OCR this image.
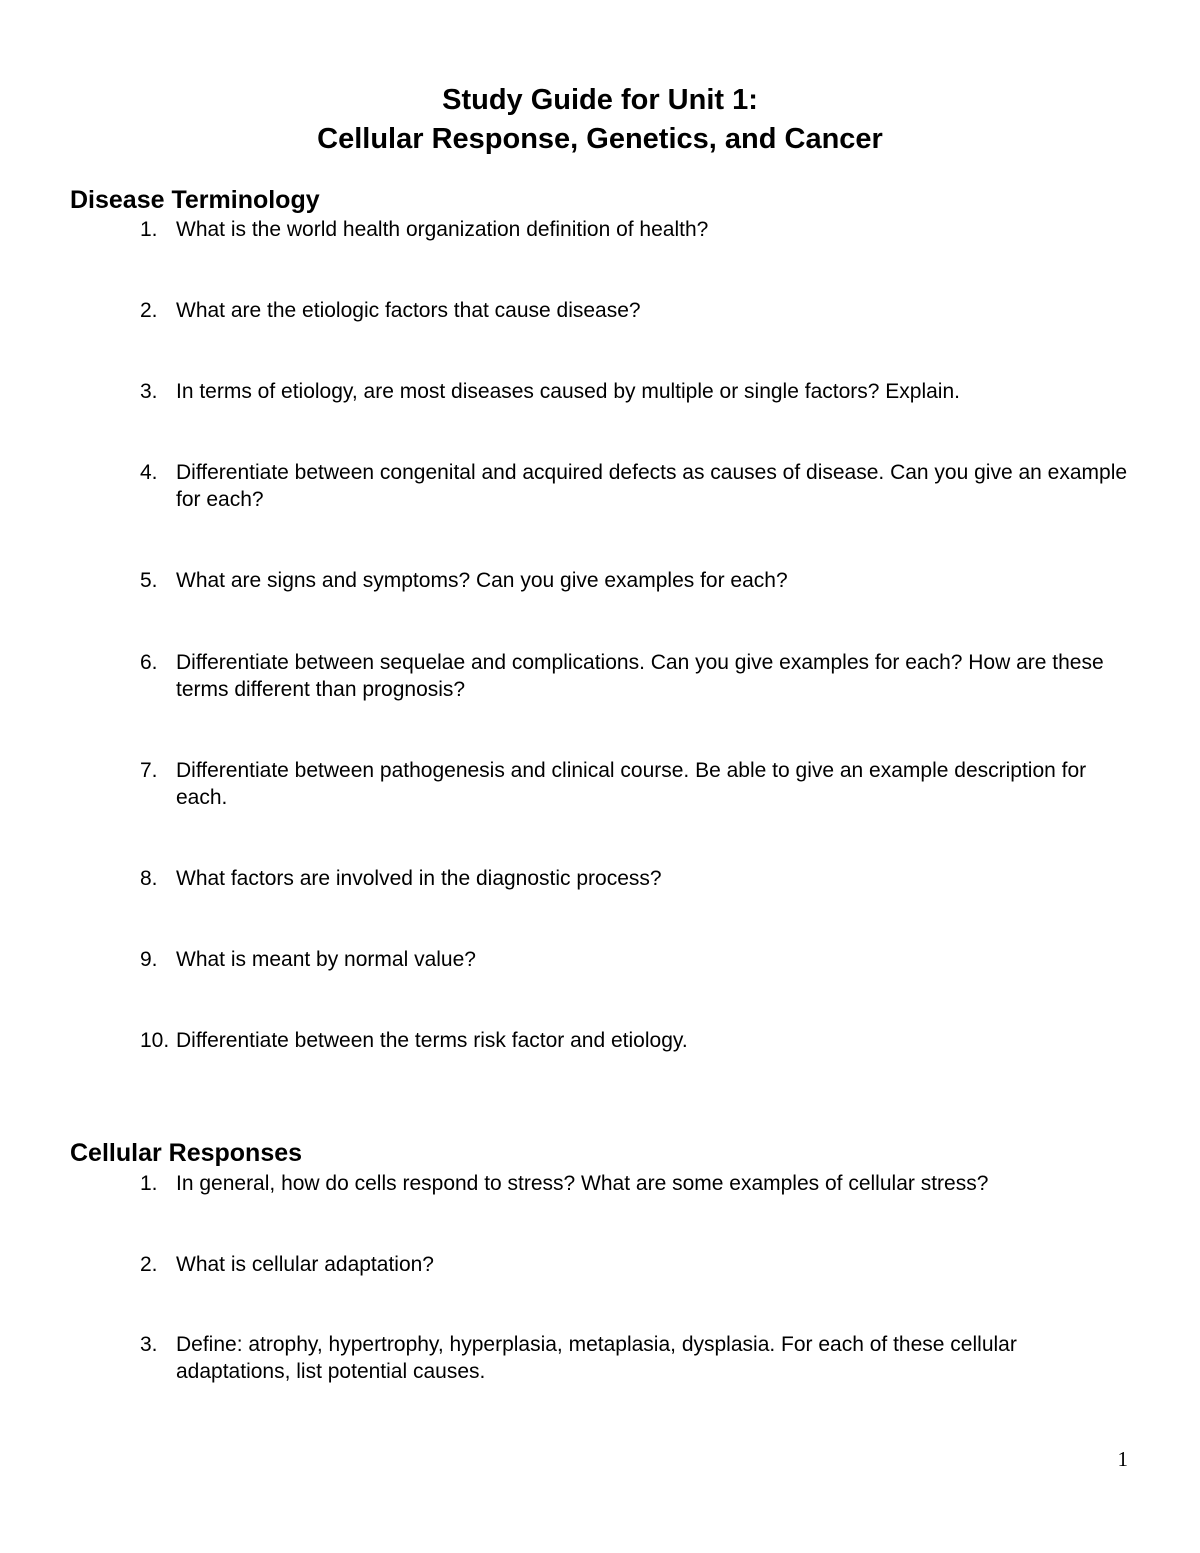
Study Guide for Unit 1:
Cellular Response, Genetics, and Cancer
Disease Terminology
1. What is the world health organization definition of health?
2. What are the etiologic factors that cause disease?
3. In terms of etiology, are most diseases caused by multiple or single factors? Explain.
4. Differentiate between congenital and acquired defects as causes of disease. Can you give an example for each?
5. What are signs and symptoms? Can you give examples for each?
6. Differentiate between sequelae and complications. Can you give examples for each? How are these terms different than prognosis?
7. Differentiate between pathogenesis and clinical course. Be able to give an example description for each.
8. What factors are involved in the diagnostic process?
9. What is meant by normal value?
10. Differentiate between the terms risk factor and etiology.
Cellular Responses
1. In general, how do cells respond to stress? What are some examples of cellular stress?
2. What is cellular adaptation?
3. Define: atrophy, hypertrophy, hyperplasia, metaplasia, dysplasia. For each of these cellular adaptations, list potential causes.
1
